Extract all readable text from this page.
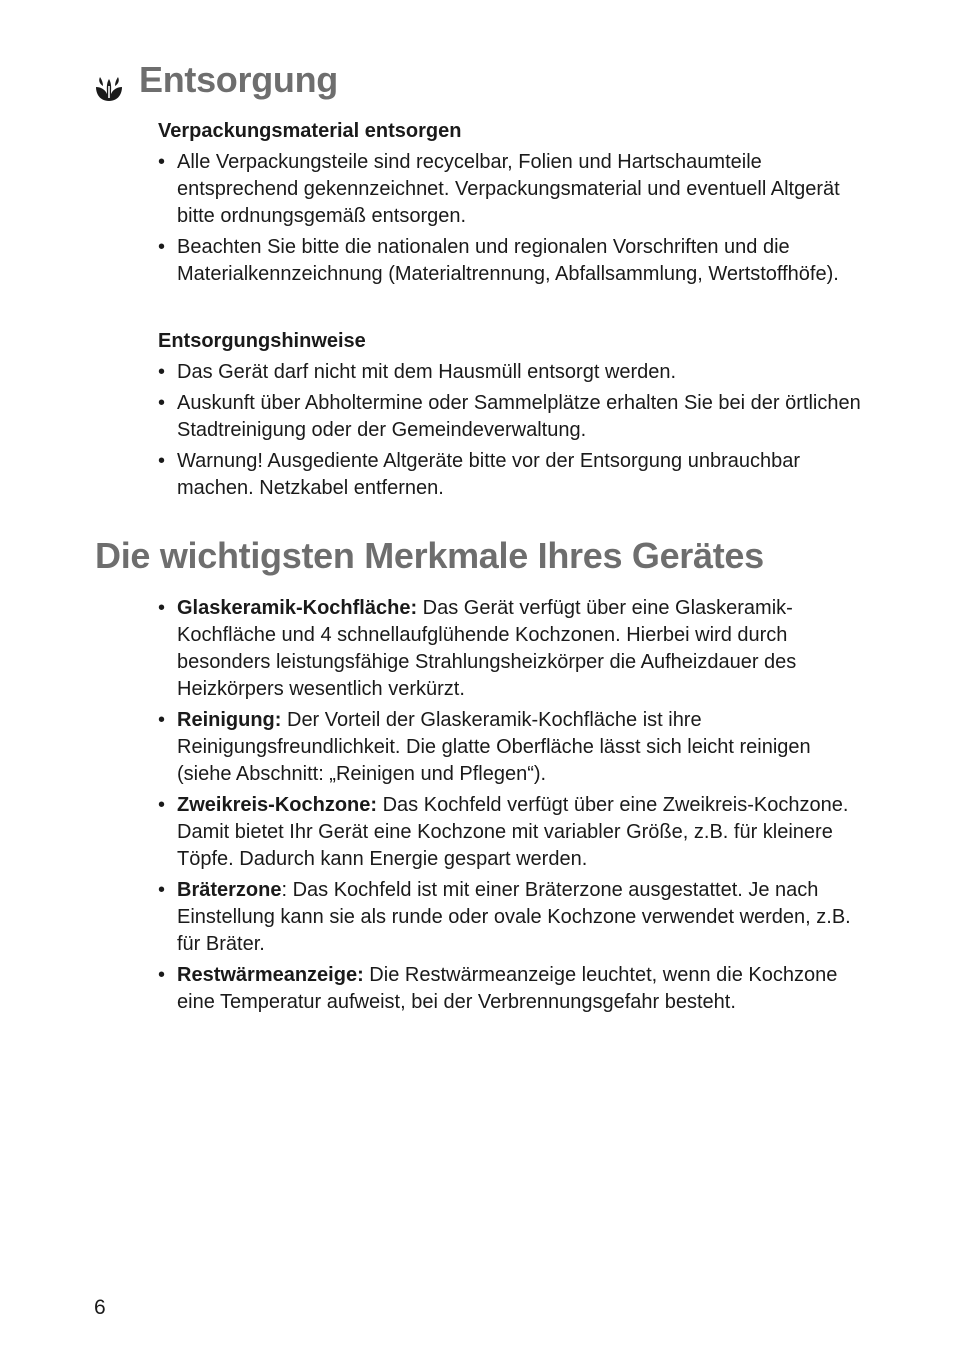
Entsorgung
Verpackungsmaterial entsorgen
• Alle Verpackungsteile sind recycelbar, Folien und Hartschaumteile entsprechend gekennzeichnet. Verpackungsmaterial und eventuell Altgerät bitte ordnungsgemäß entsorgen.
• Beachten Sie bitte die nationalen und regionalen Vorschriften und die Materialkennzeichnung (Materialtrennung, Abfallsammlung, Wertstoffhöfe).
Entsorgungshinweise
• Das Gerät darf nicht mit dem Hausmüll entsorgt werden.
• Auskunft über Abholtermine oder Sammelplätze erhalten Sie bei der örtlichen Stadtreinigung oder der Gemeindeverwaltung.
• Warnung! Ausgediente Altgeräte bitte vor der Entsorgung unbrauchbar machen. Netzkabel entfernen.
Die wichtigsten Merkmale Ihres Gerätes
• Glaskeramik-Kochfläche: Das Gerät verfügt über eine Glaskeramik-Kochfläche und 4 schnellaufglühende Kochzonen. Hierbei wird durch besonders leistungsfähige Strahlungsheizkörper die Aufheizdauer des Heizkörpers wesentlich verkürzt.
• Reinigung: Der Vorteil der Glaskeramik-Kochfläche ist ihre Reinigungsfreundlichkeit. Die glatte Oberfläche lässt sich leicht reinigen (siehe Abschnitt: „Reinigen und Pflegen“).
• Zweikreis-Kochzone: Das Kochfeld verfügt über eine Zweikreis-Kochzone. Damit bietet Ihr Gerät eine Kochzone mit variabler Größe, z.B. für kleinere Töpfe. Dadurch kann Energie gespart werden.
• Bräterzone: Das Kochfeld ist mit einer Bräterzone ausgestattet. Je nach Einstellung kann sie als runde oder ovale Kochzone verwendet werden, z.B. für Bräter.
• Restwärmeanzeige: Die Restwärmeanzeige leuchtet, wenn die Kochzone eine Temperatur aufweist, bei der Verbrennungsgefahr besteht.
6
